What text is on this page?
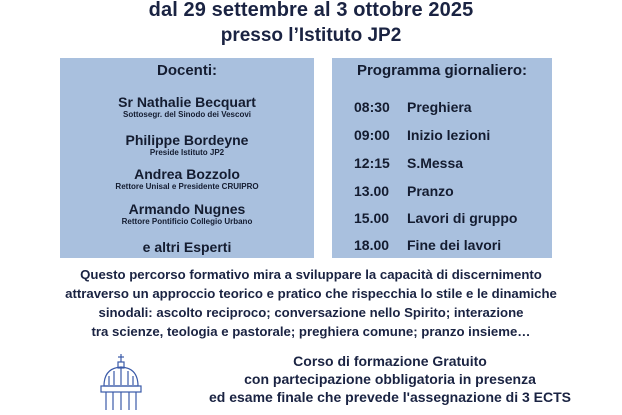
dal 29 settembre al 3 ottobre 2025
presso l’Istituto JP2
Docenti:
Sr Nathalie Becquart
Sottosegr. del Sinodo dei Vescovi
Philippe Bordeyne
Preside Istituto JP2
Andrea Bozzolo
Rettore Unisal e Presidente CRUIPRO
Armando Nugnes
Rettore Pontificio Collegio Urbano
e altri Esperti
Programma giornaliero:
08:30 Preghiera
09:00 Inizio lezioni
12:15 S.Messa
13.00 Pranzo
15.00 Lavori di gruppo
18.00 Fine dei lavori
Questo percorso formativo mira a sviluppare la capacità di discernimento
attraverso un approccio teorico e pratico che rispecchia lo stile e le dinamiche
sinodali: ascolto reciproco; conversazione nello Spirito; interazione
tra scienze, teologia e pastorale; preghiera comune; pranzo insieme…
Corso di formazione Gratuito
con partecipazione obbligatoria in presenza
ed esame finale che prevede l'assegnazione di 3 ECTS
